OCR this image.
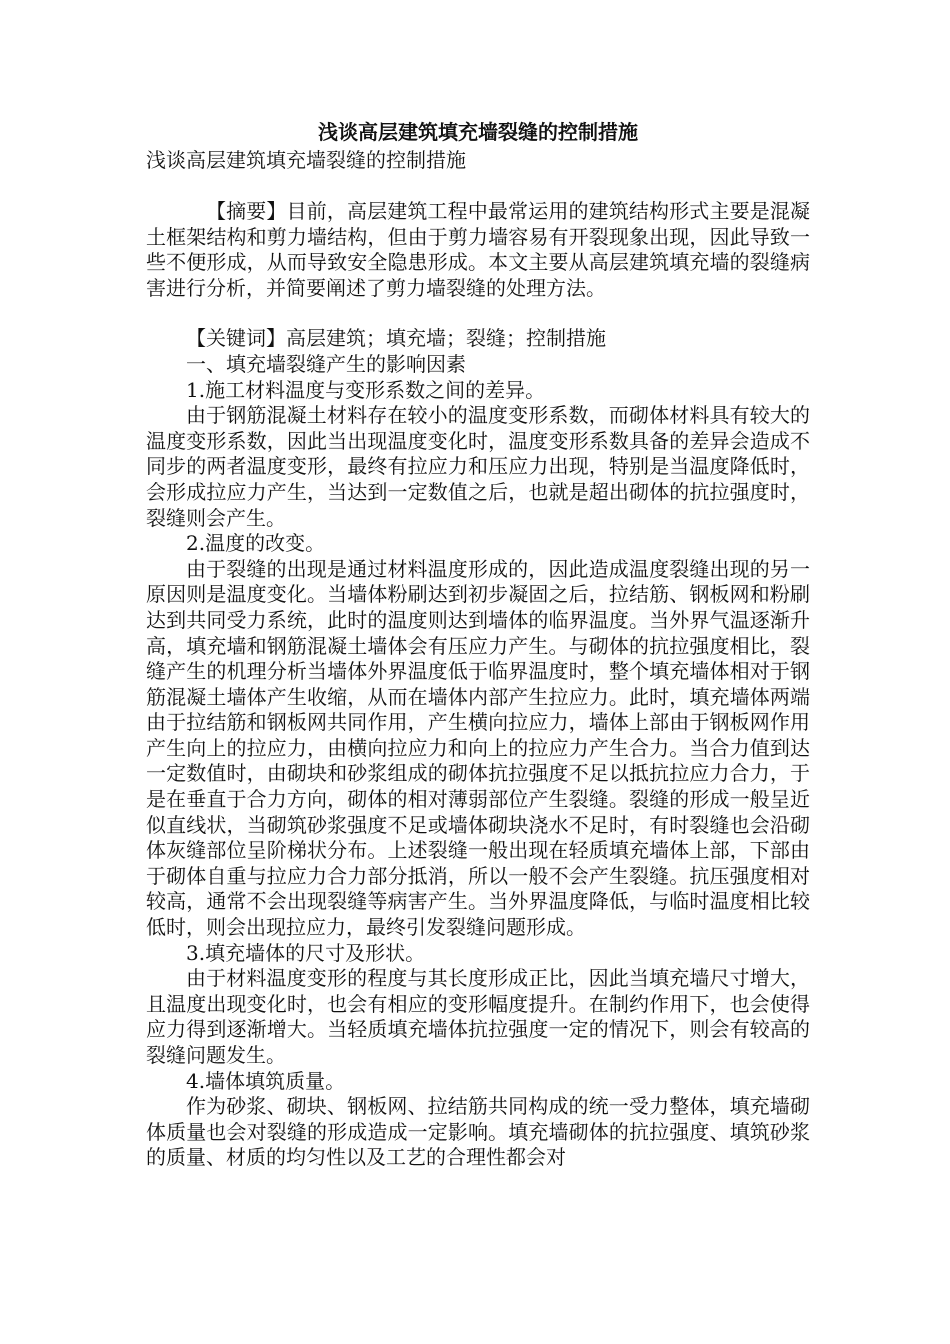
浅谈高层建筑填充墙裂缝的控制措施

浅谈高层建筑填充墙裂缝的控制措施

【摘要】目前，高层建筑工程中最常运用的建筑结构形式主要是混凝土框架结构和剪力墙结构，但由于剪力墙容易有开裂现象出现，因此导致一些不便形成，从而导致安全隐患形成。本文主要从高层建筑填充墙的裂缝病害进行分析，并简要阐述了剪力墙裂缝的处理方法。

【关键词】高层建筑；填充墙；裂缝；控制措施

一、填充墙裂缝产生的影响因素

1.施工材料温度与变形系数之间的差异。

由于钢筋混凝土材料存在较小的温度变形系数，而砌体材料具有较大的温度变形系数，因此当出现温度变化时，温度变形系数具备的差异会造成不同步的两者温度变形，最终有拉应力和压应力出现，特别是当温度降低时，会形成拉应力产生，当达到一定数值之后，也就是超出砌体的抗拉强度时，裂缝则会产生。

2.温度的改变。

由于裂缝的出现是通过材料温度形成的，因此造成温度裂缝出现的另一原因则是温度变化。当墙体粉刷达到初步凝固之后，拉结筋、钢板网和粉刷达到共同受力系统，此时的温度则达到墙体的临界温度。当外界气温逐渐升高，填充墙和钢筋混凝土墙体会有压应力产生。与砌体的抗拉强度相比，裂缝产生的机理分析当墙体外界温度低于临界温度时，整个填充墙体相对于钢筋混凝土墙体产生收缩，从而在墙体内部产生拉应力。此时，填充墙体两端由于拉结筋和钢板网共同作用，产生横向拉应力，墙体上部由于钢板网作用产生向上的拉应力，由横向拉应力和向上的拉应力产生合力。当合力值到达一定数值时，由砌块和砂浆组成的砌体抗拉强度不足以抵抗拉应力合力，于是在垂直于合力方向，砌体的相对薄弱部位产生裂缝。裂缝的形成一般呈近似直线状，当砌筑砂浆强度不足或墙体砌块浇水不足时，有时裂缝也会沿砌体灰缝部位呈阶梯状分布。上述裂缝一般出现在轻质填充墙体上部，下部由于砌体自重与拉应力合力部分抵消，所以一般不会产生裂缝。抗压强度相对较高，通常不会出现裂缝等病害产生。当外界温度降低，与临时温度相比较低时，则会出现拉应力，最终引发裂缝问题形成。

3.填充墙体的尺寸及形状。

由于材料温度变形的程度与其长度形成正比，因此当填充墙尺寸增大，且温度出现变化时，也会有相应的变形幅度提升。在制约作用下，也会使得应力得到逐渐增大。当轻质填充墙体抗拉强度一定的情况下，则会有较高的裂缝问题发生。

4.墙体填筑质量。

作为砂浆、砌块、钢板网、拉结筋共同构成的统一受力整体，填充墙砌体质量也会对裂缝的形成造成一定影响。填充墙砌体的抗拉强度、填筑砂浆的质量、材质的均匀性以及工艺的合理性都会对
